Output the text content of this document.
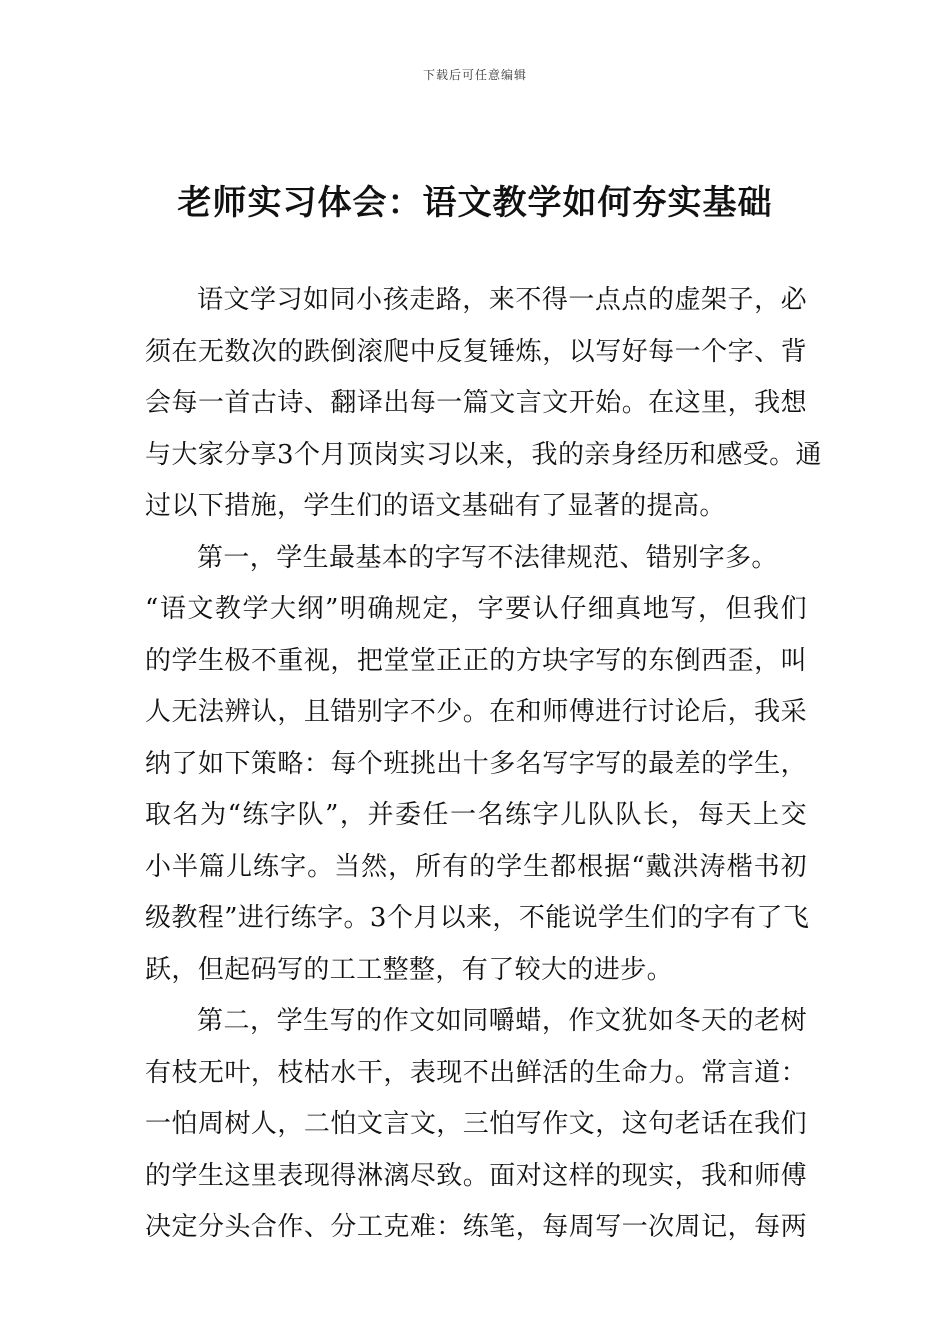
下载后可任意编辑
老师实习体会：语文教学如何夯实基础
语文学习如同小孩走路，来不得一点点的虚架子，必
须在无数次的跌倒滚爬中反复锤炼，以写好每一个字、背
会每一首古诗、翻译出每一篇文言文开始。在这里，我想
与大家分享3个月顶岗实习以来，我的亲身经历和感受。通
过以下措施，学生们的语文基础有了显著的提高。
第一，学生最基本的字写不法律规范、错别字多。
“语文教学大纲”明确规定，字要认仔细真地写，但我们
的学生极不重视，把堂堂正正的方块字写的东倒西歪，叫
人无法辨认，且错别字不少。在和师傅进行讨论后，我采
纳了如下策略：每个班挑出十多名写字写的最差的学生，
取名为“练字队”，并委任一名练字儿队队长，每天上交
小半篇儿练字。当然，所有的学生都根据“戴洪涛楷书初
级教程”进行练字。3个月以来，不能说学生们的字有了飞
跃，但起码写的工工整整，有了较大的进步。
第二，学生写的作文如同嚼蜡，作文犹如冬天的老树
有枝无叶，枝枯水干，表现不出鲜活的生命力。常言道：
一怕周树人，二怕文言文，三怕写作文，这句老话在我们
的学生这里表现得淋漓尽致。面对这样的现实，我和师傅
决定分头合作、分工克难：练笔，每周写一次周记，每两
